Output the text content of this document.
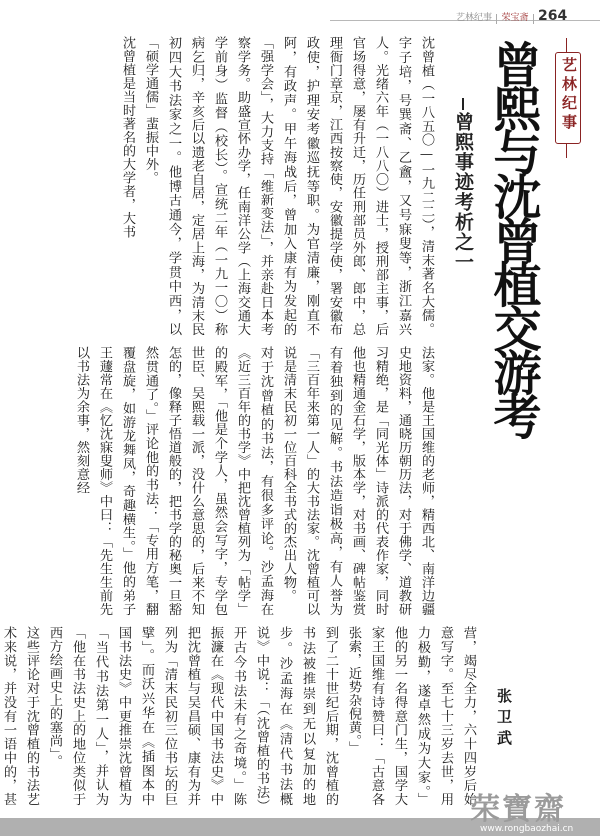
艺林纪事	荣宝斋 264
艺林纪事
曾熙与沈曾植交游考
曾熙事迹考析之一

沈曾植（一八五〇—一九二二），清末著名大儒。字子培，号巽斋、乙盦，又号寐叟等，浙江嘉兴人。光绪六年（一八八〇）进士，授刑部主事，后官场得意，屡有升迁，历任刑部员外郎、郎中，总理衙门章京，江西按察使，安徽提学使，署安徽布政使，护理安考徽巡抚等职。为官清廉，刚直不阿，有政声。甲午海战后，曾加入康有为发起的「强学会」，大力支持「维新变法」，并亲赴日本考察学务。助盛宣怀办学，任南洋公学（上海交通大学前身）监督（校长）。宣统二年（一九一〇）称病乞归，辛亥后以遗老自居，定居上海，为清末民初四大书法家之一。他博古通今，学贯中西，以「硕学通儒」蜚振中外。

沈曾植是当时著名的大学者，大书

法家。他是王国维的老师，精西北、南洋边疆史地资料，通晓历朝历法，对于佛学、道教研习精绝，是「同光体」诗派的代表作家，同时他也精通金石学，版本学，对书画、碑帖鉴赏有着独到的见解。书法造诣极高，有人誉为「三百年来第一人」的大书法家。沈曾植可以说是清末民初一位百科全书式的杰出人物。

对于沈曾植的书法，有很多评论。沙孟海在《近三百年的书学》中把沈曾植列为「帖学」的殿军，「他是个学人，虽然会写字，专学包世臣、吴熙载一派，没什么意思的，后来不知怎的，像释子悟道般的，把书学的秘奥一旦豁然贯通了。」评论他的书法：「专用方笔，翻覆盘旋，如游龙舞凤，奇趣横生。」他的弟子王蘧常在《忆沈寐叟师》中曰：「先生生前先以书法为余事，然刻意经

营，竭尽全力，六十四岁后始意写字。至七十三岁去世，用力极勤，遂卓然成为大家。」他的另一名得意门生，国学大家王国维有诗赞曰：「古意各张索，近势杂倪黄。」

到了二十世纪后期，沈曾植的书法被推崇到无以复加的地步。沙孟海在《清代书法概说》中说：「（沈曾植的书法）开古今书法未有之奇境。」陈振濂在《现代中国书法史》中把沈曾植与吴昌硕、康有为并列为「清末民初三位书坛的巨擘」。而沃兴华在《插图本中国书法史》中更推崇沈曾植为「当代书法第一人」，并认为「他在书法史上的地位类似于西方绘画史上的塞尚」。

这些评论对于沈曾植的书法艺术来说，并没有一语中的，甚

张卫武
荣寶齋
www.rongbaozhai.cn
